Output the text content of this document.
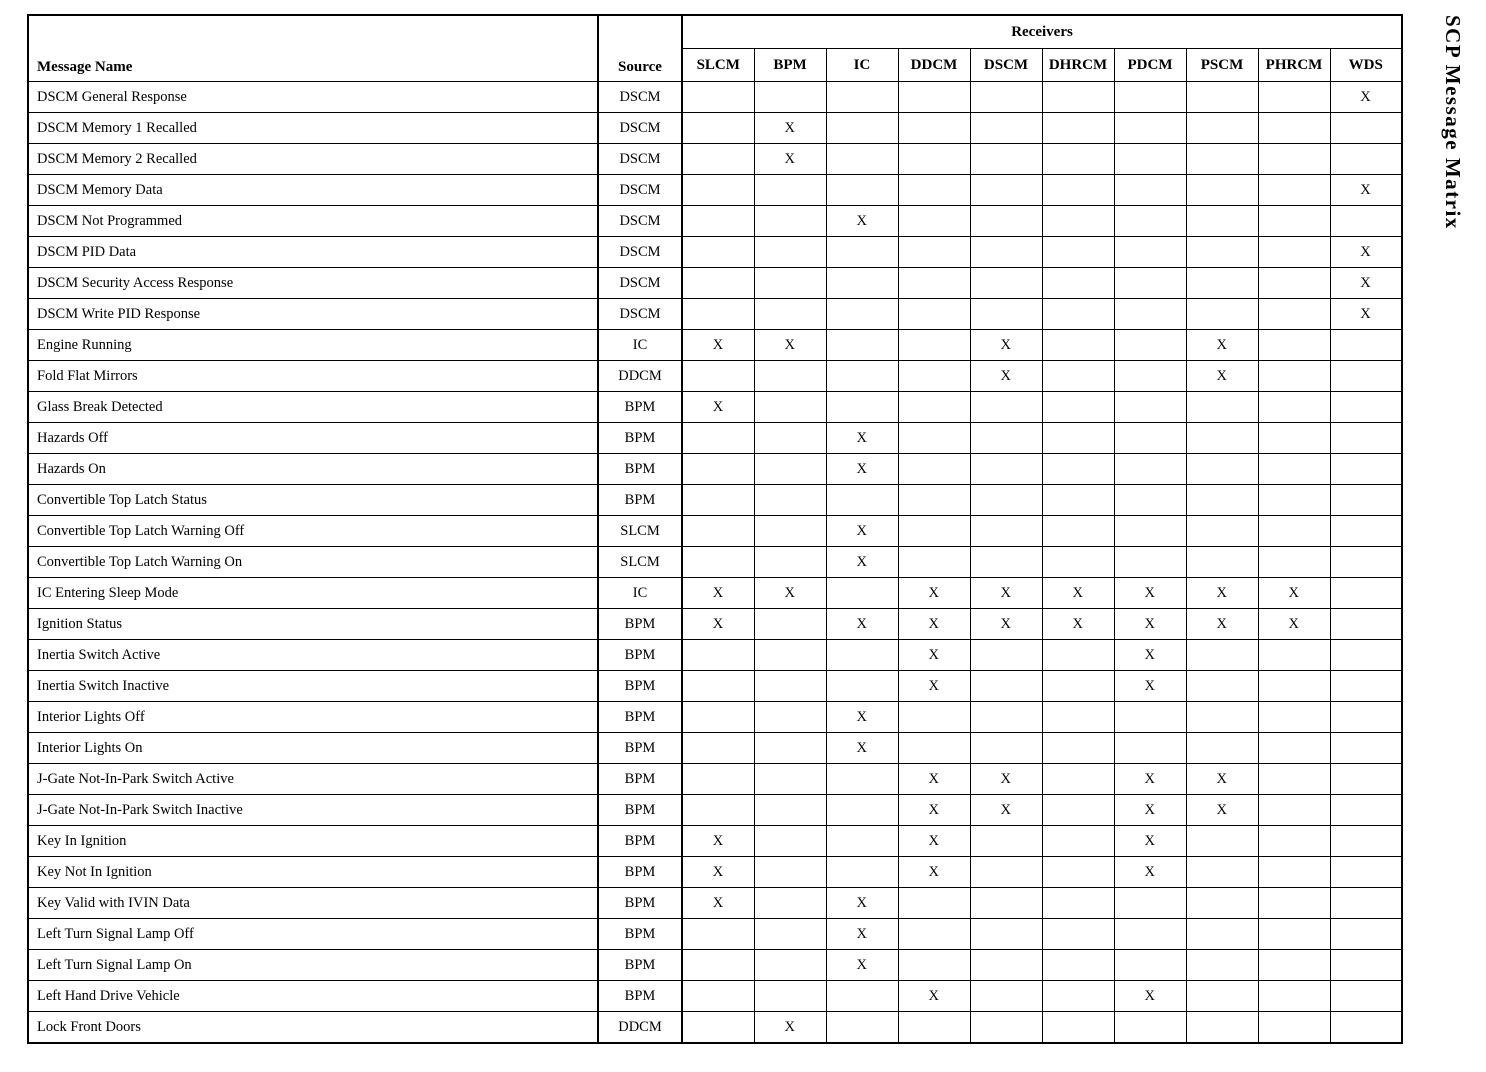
Message Name	Source	Receivers									
		SLCM	BPM	IC	DDCM	DSCM	DHRCM	PDCM	PSCM	PHRCM	WDS
DSCM General Response	DSCM										X
DSCM Memory 1 Recalled	DSCM		X								
DSCM Memory 2 Recalled	DSCM		X								
DSCM Memory Data	DSCM										X
DSCM Not Programmed	DSCM			X							
DSCM PID Data	DSCM										X
DSCM Security Access Response	DSCM										X
DSCM Write PID Response	DSCM										X
Engine Running	IC	X	X			X			X		
Fold Flat Mirrors	DDCM					X			X		
Glass Break Detected	BPM	X									
Hazards Off	BPM			X							
Hazards On	BPM			X							
Convertible Top Latch Status	BPM										
Convertible Top Latch Warning Off	SLCM			X							
Convertible Top Latch Warning On	SLCM			X							
IC Entering Sleep Mode	IC	X	X		X	X	X	X	X	X	
Ignition Status	BPM	X		X	X	X	X	X	X	X	
Inertia Switch Active	BPM				X			X			
Inertia Switch Inactive	BPM				X			X			
Interior Lights Off	BPM			X							
Interior Lights On	BPM			X							
J-Gate Not-In-Park Switch Active	BPM				X	X		X	X		
J-Gate Not-In-Park Switch Inactive	BPM				X	X		X	X		
Key In Ignition	BPM	X			X			X			
Key Not In Ignition	BPM	X			X			X			
Key Valid with IVIN Data	BPM	X		X							
Left Turn Signal Lamp Off	BPM			X							
Left Turn Signal Lamp On	BPM			X							
Left Hand Drive Vehicle	BPM				X			X			
Lock Front Doors	DDCM		X								
SCP Message Matrix
